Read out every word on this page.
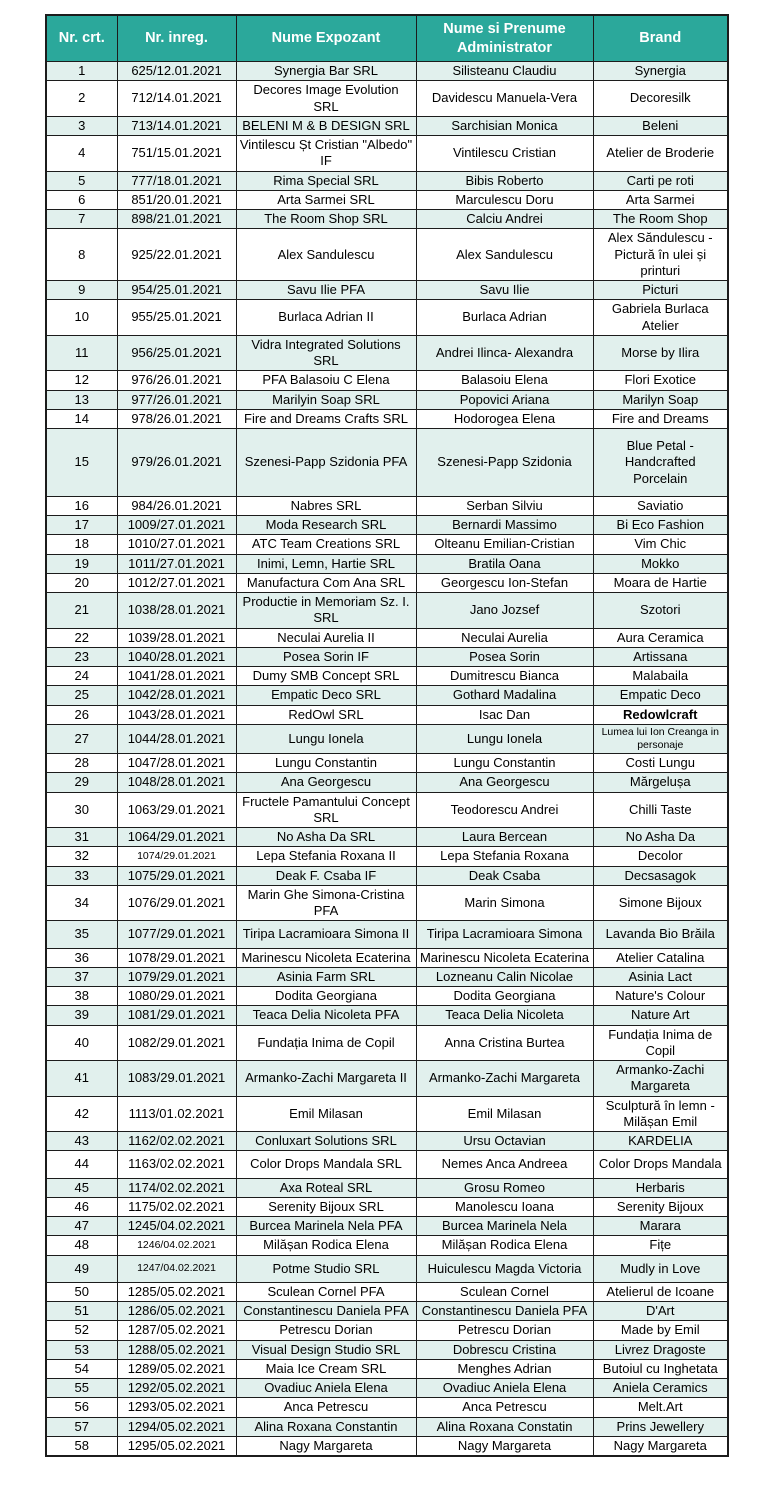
Nr. crt.	Nr. inreg.	Nume Expozant	Nume si Prenume Administrator	Brand
1	625/12.01.2021	Synergia Bar SRL	Silisteanu Claudiu	Synergia
2	712/14.01.2021	Decores Image Evolution SRL	Davidescu Manuela-Vera	Decoresilk
3	713/14.01.2021	BELENI M & B DESIGN SRL	Sarchisian Monica	Beleni
4	751/15.01.2021	Vintilescu Șt Cristian "Albedo" IF	Vintilescu Cristian	Atelier de Broderie
5	777/18.01.2021	Rima Special SRL	Bibis Roberto	Carti pe roti
6	851/20.01.2021	Arta Sarmei SRL	Marculescu Doru	Arta Sarmei
7	898/21.01.2021	The Room Shop SRL	Calciu Andrei	The Room Shop
8	925/22.01.2021	Alex Sandulescu	Alex Sandulescu	Alex Săndulescu - Pictură în ulei și printuri
9	954/25.01.2021	Savu Ilie PFA	Savu Ilie	Picturi
10	955/25.01.2021	Burlaca Adrian II	Burlaca Adrian	Gabriela Burlaca Atelier
11	956/25.01.2021	Vidra Integrated Solutions SRL	Andrei Ilinca- Alexandra	Morse by Ilira
12	976/26.01.2021	PFA Balasoiu C Elena	Balasoiu Elena	Flori Exotice
13	977/26.01.2021	Marilyin Soap SRL	Popovici Ariana	Marilyn Soap
14	978/26.01.2021	Fire and Dreams Crafts SRL	Hodorogea Elena	Fire and Dreams
15	979/26.01.2021	Szenesi-Papp Szidonia PFA	Szenesi-Papp Szidonia	Blue Petal - Handcrafted Porcelain
16	984/26.01.2021	Nabres SRL	Serban Silviu	Saviatio
17	1009/27.01.2021	Moda Research SRL	Bernardi Massimo	Bi Eco Fashion
18	1010/27.01.2021	ATC Team Creations SRL	Olteanu Emilian-Cristian	Vim Chic
19	1011/27.01.2021	Inimi, Lemn, Hartie SRL	Bratila Oana	Mokko
20	1012/27.01.2021	Manufactura Com Ana SRL	Georgescu Ion-Stefan	Moara de Hartie
21	1038/28.01.2021	Productie in Memoriam Sz. I. SRL	Jano Jozsef	Szotori
22	1039/28.01.2021	Neculai Aurelia II	Neculai Aurelia	Aura Ceramica
23	1040/28.01.2021	Posea Sorin IF	Posea Sorin	Artissana
24	1041/28.01.2021	Dumy SMB Concept SRL	Dumitrescu Bianca	Malabaila
25	1042/28.01.2021	Empatic Deco SRL	Gothard Madalina	Empatic Deco
26	1043/28.01.2021	RedOwl SRL	Isac Dan	Redowlcraft
27	1044/28.01.2021	Lungu Ionela	Lungu Ionela	Lumea lui Ion Creanga in personaje
28	1047/28.01.2021	Lungu Constantin	Lungu Constantin	Costi Lungu
29	1048/28.01.2021	Ana Georgescu	Ana Georgescu	Mărgelușa
30	1063/29.01.2021	Fructele Pamantului Concept SRL	Teodorescu Andrei	Chilli Taste
31	1064/29.01.2021	No Asha Da SRL	Laura Bercean	No Asha Da
32	1074/29.01.2021	Lepa Stefania Roxana II	Lepa Stefania Roxana	Decolor
33	1075/29.01.2021	Deak F. Csaba IF	Deak Csaba	Decsasagok
34	1076/29.01.2021	Marin Ghe Simona-Cristina PFA	Marin Simona	Simone Bijoux
35	1077/29.01.2021	Tiripa Lacramioara Simona II	Tiripa Lacramioara Simona	Lavanda Bio Brăila
36	1078/29.01.2021	Marinescu Nicoleta Ecaterina	Marinescu Nicoleta Ecaterina	Atelier Catalina
37	1079/29.01.2021	Asinia Farm SRL	Lozneanu Calin Nicolae	Asinia Lact
38	1080/29.01.2021	Dodita Georgiana	Dodita Georgiana	Nature's Colour
39	1081/29.01.2021	Teaca Delia Nicoleta PFA	Teaca Delia Nicoleta	Nature Art
40	1082/29.01.2021	Fundația Inima de Copil	Anna Cristina Burtea	Fundația Inima de Copil
41	1083/29.01.2021	Armanko-Zachi Margareta II	Armanko-Zachi Margareta	Armanko-Zachi Margareta
42	1113/01.02.2021	Emil Milasan	Emil Milasan	Sculptură în lemn - Milășan Emil
43	1162/02.02.2021	Conluxart Solutions SRL	Ursu Octavian	KARDELIA
44	1163/02.02.2021	Color Drops Mandala SRL	Nemes Anca Andreea	Color Drops Mandala
45	1174/02.02.2021	Axa Roteal SRL	Grosu Romeo	Herbaris
46	1175/02.02.2021	Serenity Bijoux SRL	Manolescu Ioana	Serenity Bijoux
47	1245/04.02.2021	Burcea Marinela Nela PFA	Burcea Marinela Nela	Marara
48	1246/04.02.2021	Milășan Rodica Elena	Milășan Rodica Elena	Fițe
49	1247/04.02.2021	Potme Studio SRL	Huiculescu Magda Victoria	Mudly in Love
50	1285/05.02.2021	Sculean Cornel PFA	Sculean Cornel	Atelierul de Icoane
51	1286/05.02.2021	Constantinescu Daniela PFA	Constantinescu Daniela PFA	D'Art
52	1287/05.02.2021	Petrescu Dorian	Petrescu Dorian	Made by Emil
53	1288/05.02.2021	Visual Design Studio SRL	Dobrescu Cristina	Livrez Dragoste
54	1289/05.02.2021	Maia Ice Cream SRL	Menghes Adrian	Butoiul cu Inghetata
55	1292/05.02.2021	Ovadiuc Aniela Elena	Ovadiuc Aniela Elena	Aniela Ceramics
56	1293/05.02.2021	Anca Petrescu	Anca Petrescu	Melt.Art
57	1294/05.02.2021	Alina Roxana Constantin	Alina Roxana Constatin	Prins Jewellery
58	1295/05.02.2021	Nagy Margareta	Nagy Margareta	Nagy Margareta
